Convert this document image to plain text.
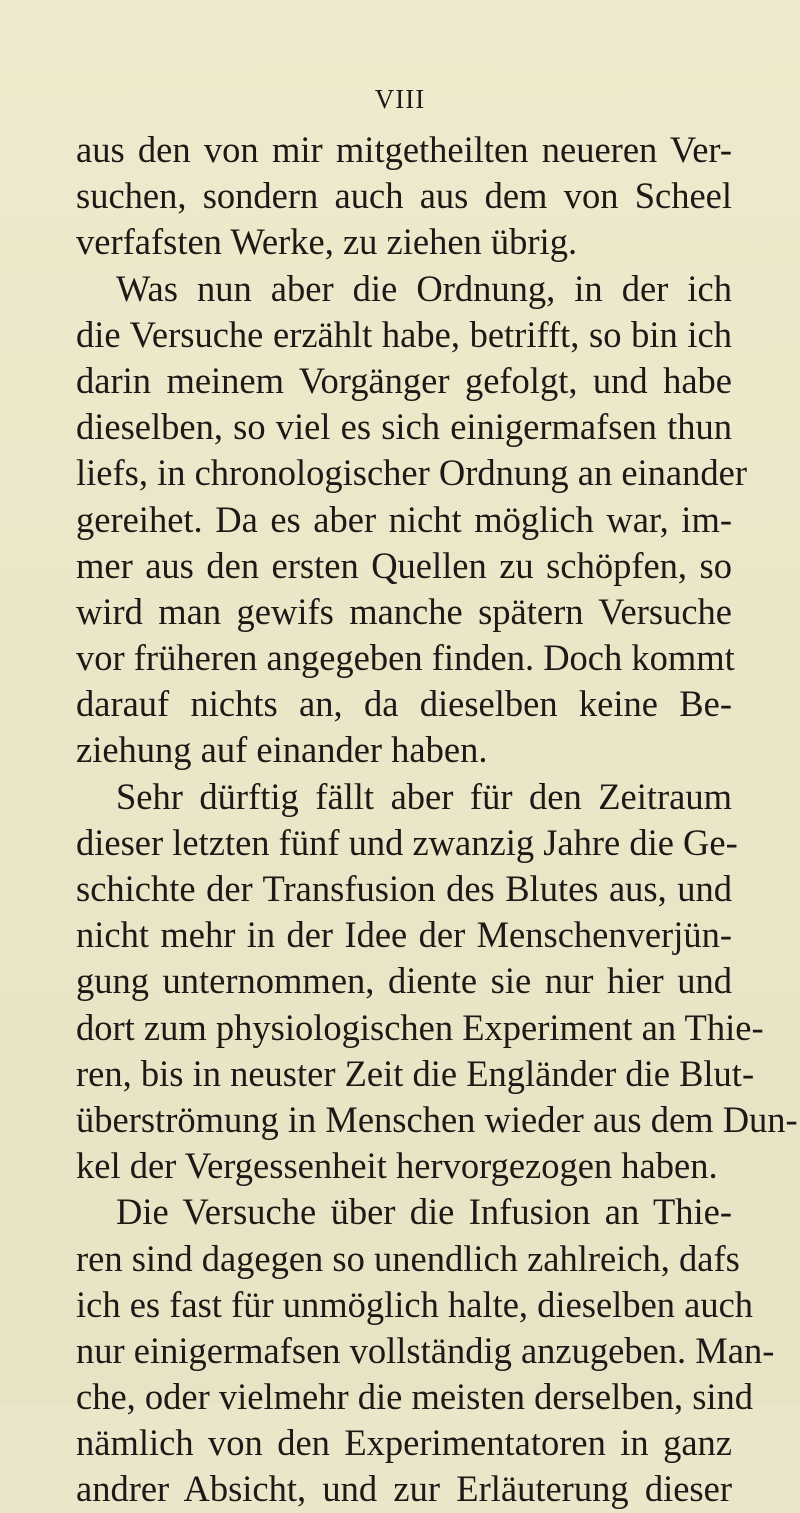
VIII
aus den von mir mitgetheilten neueren Ver-
suchen, sondern auch aus dem von Scheel
verfafsten Werke, zu ziehen übrig.
Was nun aber die Ordnung, in der ich
die Versuche erzählt habe, betrifft, so bin ich
darin meinem Vorgänger gefolgt, und habe
dieselben, so viel es sich einigermafsen thun
liefs, in chronologischer Ordnung an einander
gereihet. Da es aber nicht möglich war, im-
mer aus den ersten Quellen zu schöpfen, so
wird man gewifs manche spätern Versuche
vor früheren angegeben finden. Doch kommt
darauf nichts an, da dieselben keine Be-
ziehung auf einander haben.
Sehr dürftig fällt aber für den Zeitraum
dieser letzten fünf und zwanzig Jahre die Ge-
schichte der Transfusion des Blutes aus, und
nicht mehr in der Idee der Menschenverjün-
gung unternommen, diente sie nur hier und
dort zum physiologischen Experiment an Thie-
ren, bis in neuster Zeit die Engländer die Blut-
überströmung in Menschen wieder aus dem Dun-
kel der Vergessenheit hervorgezogen haben.
Die Versuche über die Infusion an Thie-
ren sind dagegen so unendlich zahlreich, dafs
ich es fast für unmöglich halte, dieselben auch
nur einigermafsen vollständig anzugeben. Man-
che, oder vielmehr die meisten derselben, sind
nämlich von den Experimentatoren in ganz
andrer Absicht, und zur Erläuterung dieser
